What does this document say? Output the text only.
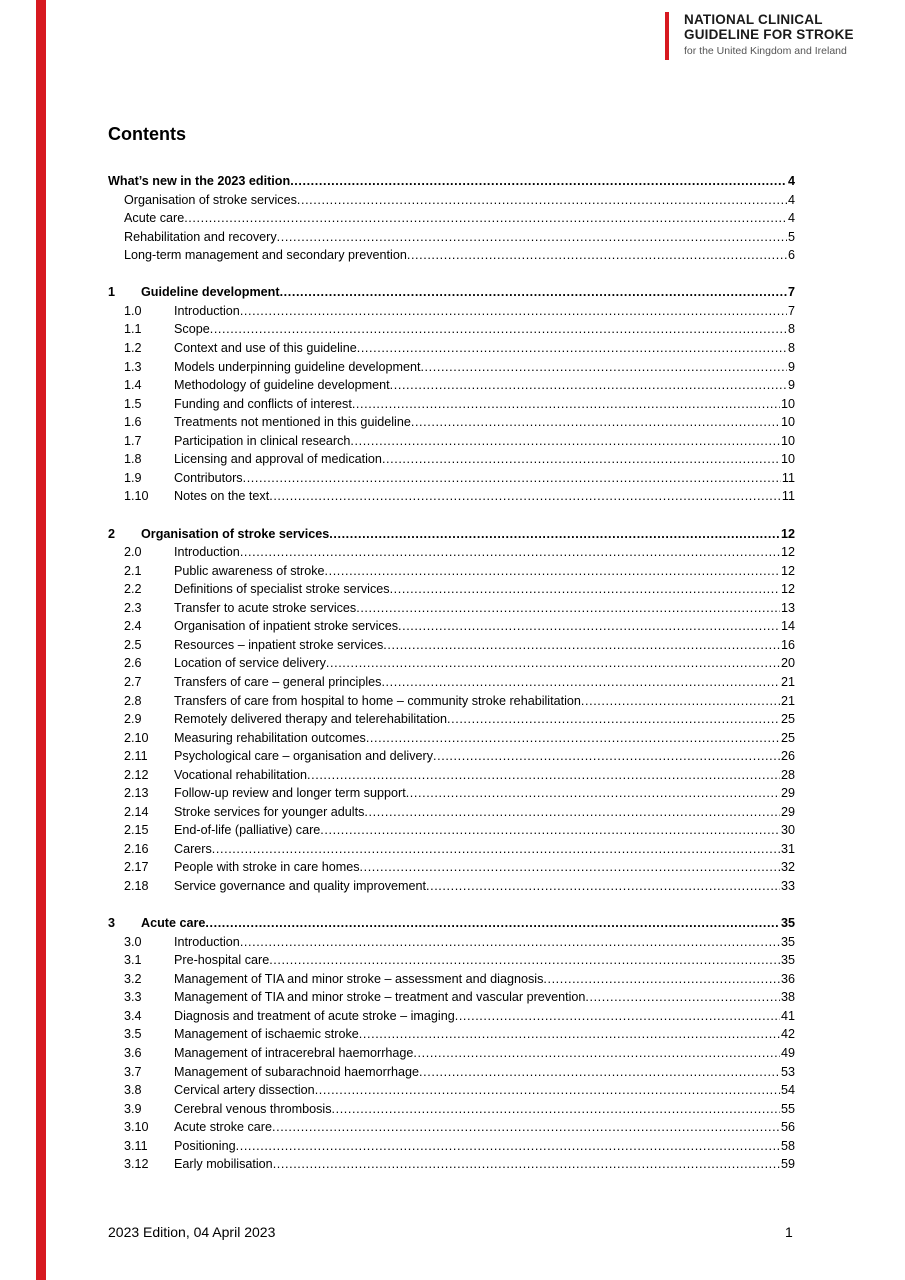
NATIONAL CLINICAL
GUIDELINE FOR STROKE
for the United Kingdom and Ireland
Contents
What’s new in the 2023 edition .....	4
Organisation of stroke services .....	4
Acute care .....	4
Rehabilitation and recovery .....	5
Long-term management and secondary prevention .....	6
1	Guideline development .....	7
1.0	Introduction .....	7
1.1	Scope .....	8
1.2	Context and use of this guideline .....	8
1.3	Models underpinning guideline development .....	9
1.4	Methodology of guideline development .....	9
1.5	Funding and conflicts of interest .....	10
1.6	Treatments not mentioned in this guideline .....	10
1.7	Participation in clinical research .....	10
1.8	Licensing and approval of medication .....	10
1.9	Contributors .....	11
1.10	Notes on the text .....	11
2	Organisation of stroke services .....	12
2.0	Introduction .....	12
2.1	Public awareness of stroke .....	12
2.2	Definitions of specialist stroke services .....	12
2.3	Transfer to acute stroke services .....	13
2.4	Organisation of inpatient stroke services .....	14
2.5	Resources – inpatient stroke services .....	16
2.6	Location of service delivery .....	20
2.7	Transfers of care – general principles .....	21
2.8	Transfers of care from hospital to home – community stroke rehabilitation .....	21
2.9	Remotely delivered therapy and telerehabilitation .....	25
2.10	Measuring rehabilitation outcomes .....	25
2.11	Psychological care – organisation and delivery .....	26
2.12	Vocational rehabilitation .....	28
2.13	Follow-up review and longer term support .....	29
2.14	Stroke services for younger adults .....	29
2.15	End-of-life (palliative) care .....	30
2.16	Carers .....	31
2.17	People with stroke in care homes .....	32
2.18	Service governance and quality improvement .....	33
3	Acute care .....	35
3.0	Introduction .....	35
3.1	Pre-hospital care .....	35
3.2	Management of TIA and minor stroke – assessment and diagnosis .....	36
3.3	Management of TIA and minor stroke – treatment and vascular prevention .....	38
3.4	Diagnosis and treatment of acute stroke – imaging .....	41
3.5	Management of ischaemic stroke .....	42
3.6	Management of intracerebral haemorrhage .....	49
3.7	Management of subarachnoid haemorrhage .....	53
3.8	Cervical artery dissection .....	54
3.9	Cerebral venous thrombosis .....	55
3.10	Acute stroke care .....	56
3.11	Positioning .....	58
3.12	Early mobilisation .....	59
2023 Edition, 04 April 2023	1
